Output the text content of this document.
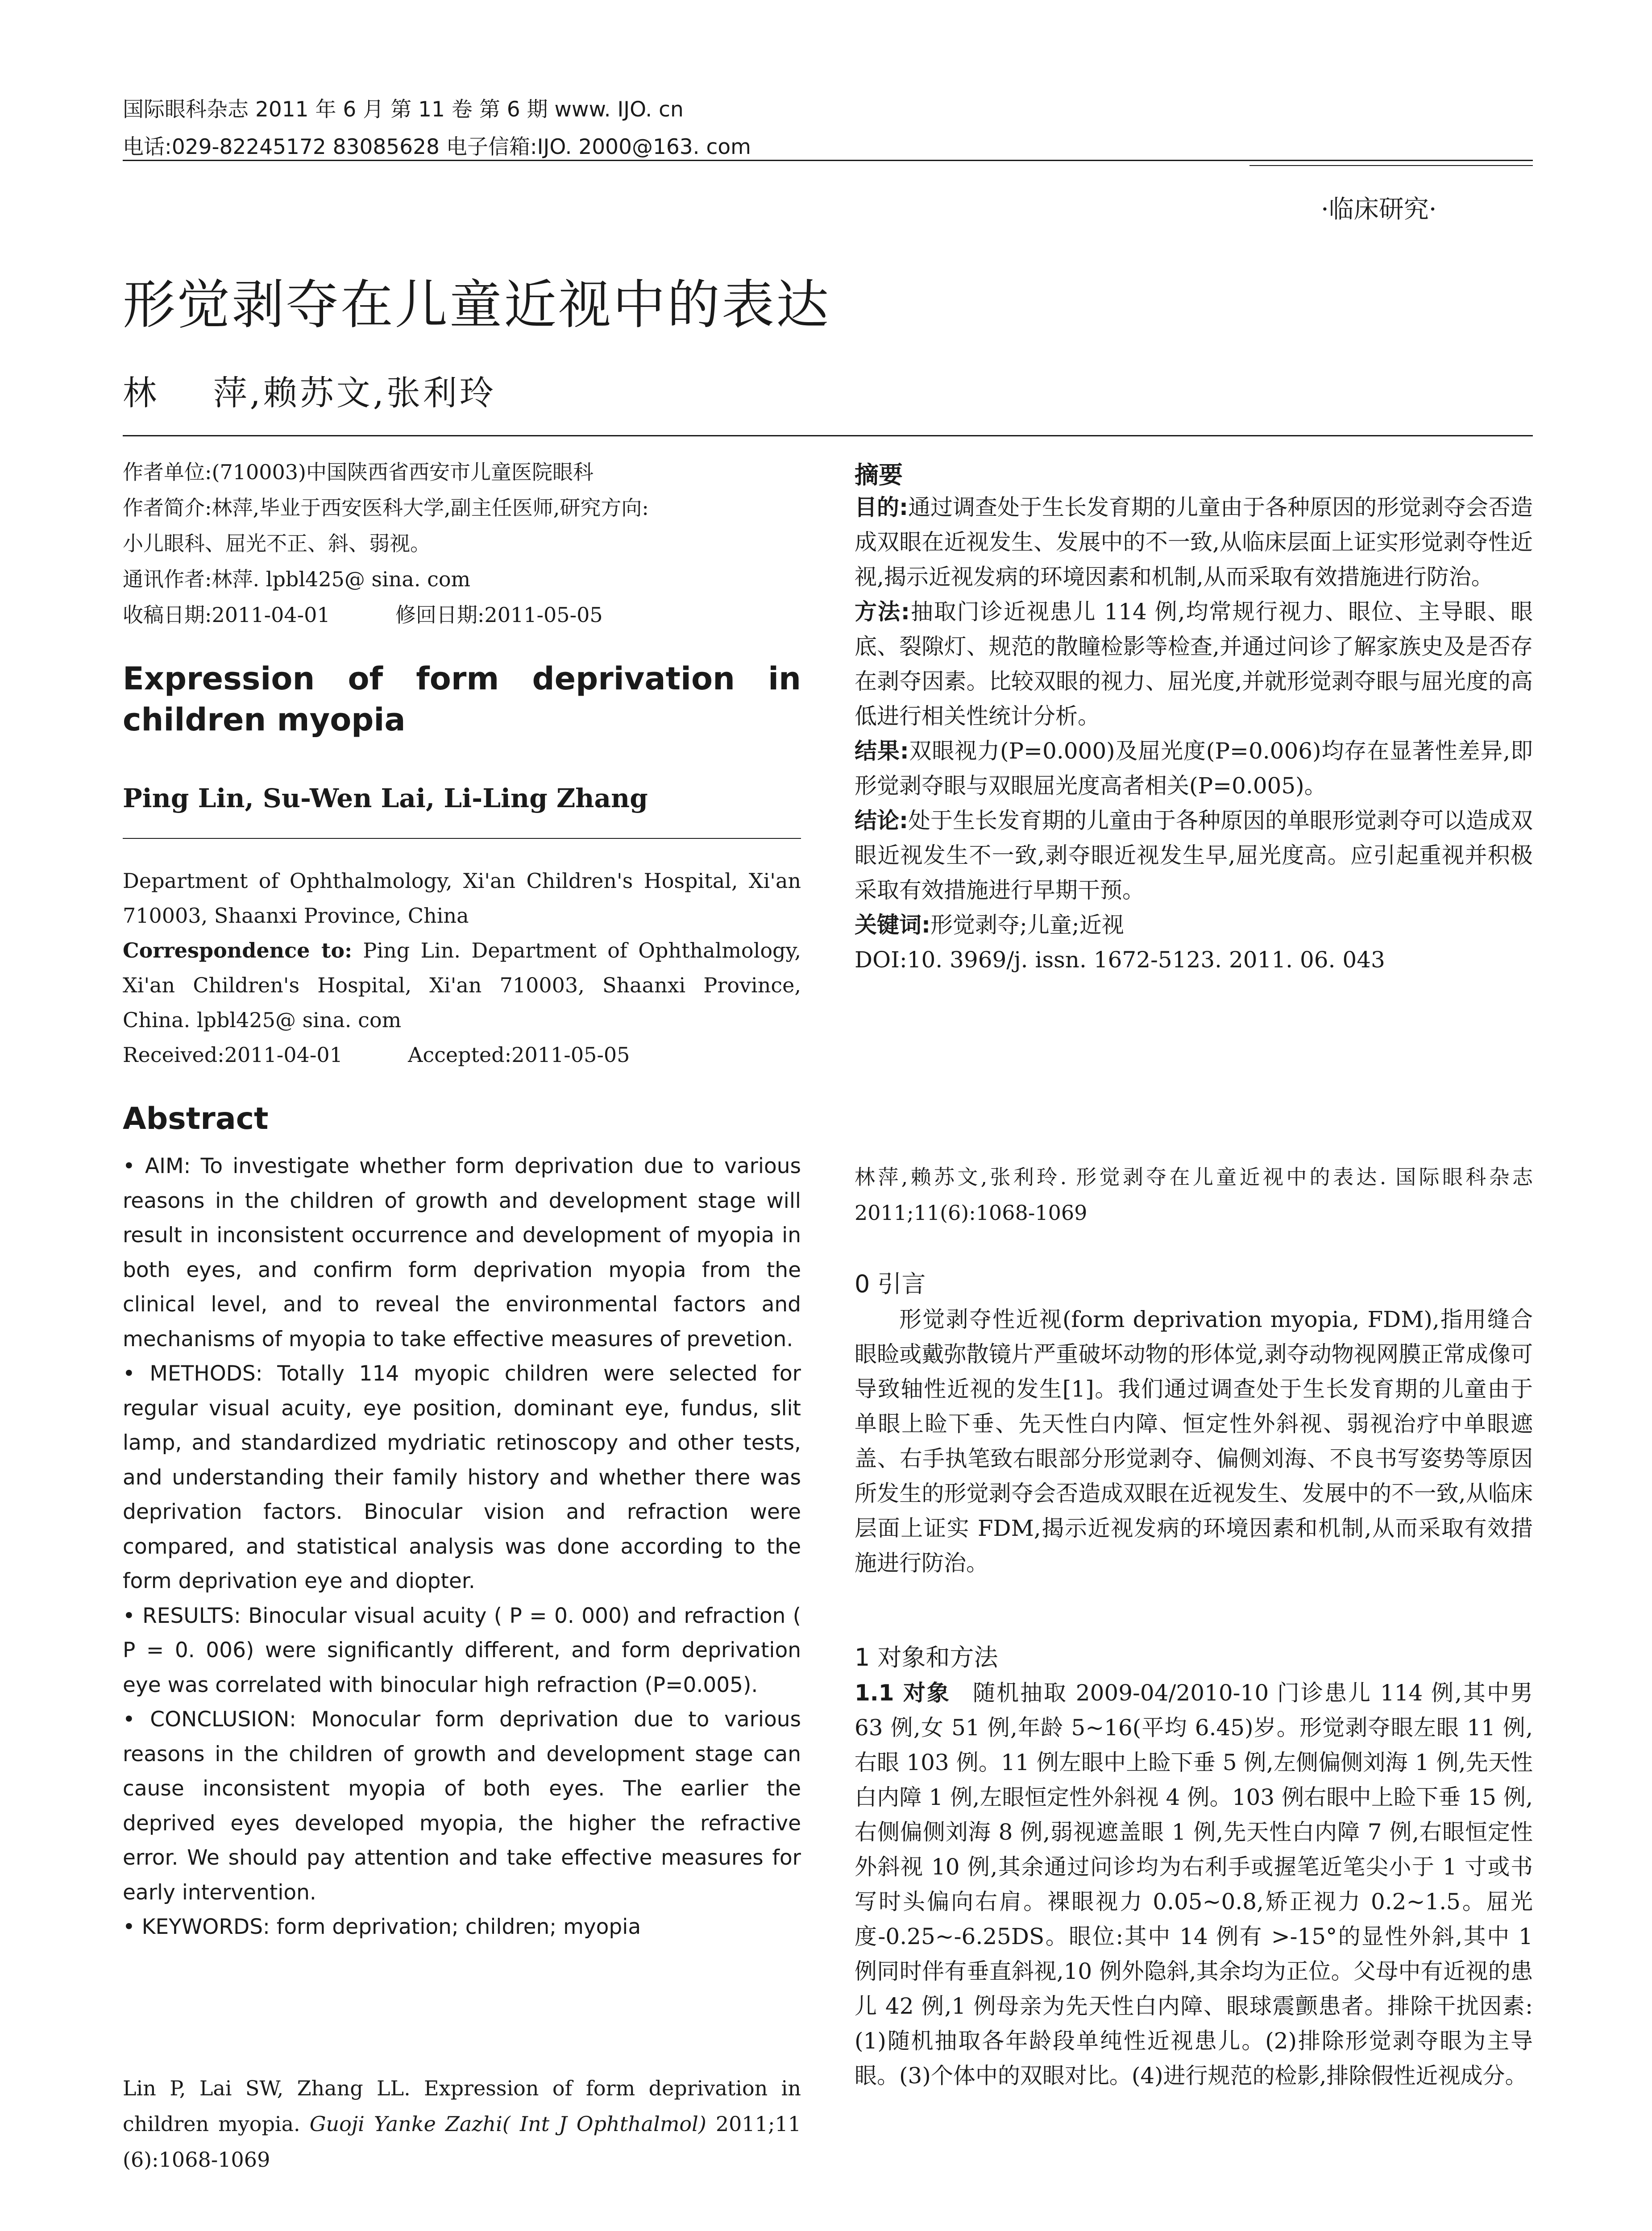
国际眼科杂志 2011 年 6 月 第 11 卷 第 6 期 www. IJO. cn
电话:029-82245172 83085628 电子信箱:IJO. 2000@163. com
·临床研究·
形觉剥夺在儿童近视中的表达
林    萍,赖苏文,张利玲

作者单位:(710003)中国陕西省西安市儿童医院眼科

作者简介:林萍,毕业于西安医科大学,副主任医师,研究方向:

小儿眼科、屈光不正、斜、弱视。

通讯作者:林萍. lpbl425@ sina. com

收稿日期:2011-04-01          修回日期:2011-05-05

Expression of form deprivation in children myopia
Ping Lin, Su-Wen Lai, Li-Ling Zhang

Department of Ophthalmology, Xi'an Children's Hospital, Xi'an

710003, Shaanxi Province, China

Correspondence to: Ping Lin. Department of Ophthalmology, Xi'an Children's Hospital, Xi'an 710003, Shaanxi Province, China. lpbl425@ sina. com

Received:2011-04-01          Accepted:2011-05-05

Abstract

• AIM: To investigate whether form deprivation due to various reasons in the children of growth and development stage will result in inconsistent occurrence and development of myopia in both eyes, and confirm form deprivation myopia from the clinical level, and to reveal the environmental factors and mechanisms of myopia to take effective measures of prevetion.

• METHODS: Totally 114 myopic children were selected for regular visual acuity, eye position, dominant eye, fundus, slit lamp, and standardized mydriatic retinoscopy and other tests, and understanding their family history and whether there was deprivation factors. Binocular vision and refraction were compared, and statistical analysis was done according to the form deprivation eye and diopter.

• RESULTS: Binocular visual acuity ( P = 0. 000) and refraction ( P = 0. 006) were significantly different, and form deprivation eye was correlated with binocular high refraction (P=0.005).

• CONCLUSION: Monocular form deprivation due to various reasons in the children of growth and development stage can cause inconsistent myopia of both eyes. The earlier the deprived eyes developed myopia, the higher the refractive error. We should pay attention and take effective measures for early intervention.

• KEYWORDS: form deprivation; children; myopia

Lin P, Lai SW, Zhang LL. Expression of form deprivation in children myopia. Guoji Yanke Zazhi( Int J Ophthalmol) 2011;11 (6):1068-1069

摘要

目的:通过调查处于生长发育期的儿童由于各种原因的形觉剥夺会否造成双眼在近视发生、发展中的不一致,从临床层面上证实形觉剥夺性近视,揭示近视发病的环境因素和机制,从而采取有效措施进行防治。

方法:抽取门诊近视患儿 114 例,均常规行视力、眼位、主导眼、眼底、裂隙灯、规范的散瞳检影等检查,并通过问诊了解家族史及是否存在剥夺因素。比较双眼的视力、屈光度,并就形觉剥夺眼与屈光度的高低进行相关性统计分析。

结果:双眼视力(P=0.000)及屈光度(P=0.006)均存在显著性差异,即形觉剥夺眼与双眼屈光度高者相关(P=0.005)。

结论:处于生长发育期的儿童由于各种原因的单眼形觉剥夺可以造成双眼近视发生不一致,剥夺眼近视发生早,屈光度高。应引起重视并积极采取有效措施进行早期干预。

关键词:形觉剥夺;儿童;近视

DOI:10. 3969/j. issn. 1672-5123. 2011. 06. 043

林萍,赖苏文,张利玲. 形觉剥夺在儿童近视中的表达. 国际眼科杂志 2011;11(6):1068-1069

0 引言

形觉剥夺性近视(form deprivation myopia, FDM),指用缝合眼睑或戴弥散镜片严重破坏动物的形体觉,剥夺动物视网膜正常成像可导致轴性近视的发生[1]。我们通过调查处于生长发育期的儿童由于单眼上睑下垂、先天性白内障、恒定性外斜视、弱视治疗中单眼遮盖、右手执笔致右眼部分形觉剥夺、偏侧刘海、不良书写姿势等原因所发生的形觉剥夺会否造成双眼在近视发生、发展中的不一致,从临床层面上证实 FDM,揭示近视发病的环境因素和机制,从而采取有效措施进行防治。

1 对象和方法

1.1 对象 随机抽取 2009-04/2010-10 门诊患儿 114 例,其中男 63 例,女 51 例,年龄 5~16(平均 6.45)岁。形觉剥夺眼左眼 11 例,右眼 103 例。11 例左眼中上睑下垂 5 例,左侧偏侧刘海 1 例,先天性白内障 1 例,左眼恒定性外斜视 4 例。103 例右眼中上睑下垂 15 例,右侧偏侧刘海 8 例,弱视遮盖眼 1 例,先天性白内障 7 例,右眼恒定性外斜视 10 例,其余通过问诊均为右利手或握笔近笔尖小于 1 寸或书写时头偏向右肩。裸眼视力 0.05~0.8,矫正视力 0.2~1.5。屈光度-0.25~-6.25DS。眼位:其中 14 例有 >-15°的显性外斜,其中 1 例同时伴有垂直斜视,10 例外隐斜,其余均为正位。父母中有近视的患儿 42 例,1 例母亲为先天性白内障、眼球震颤患者。排除干扰因素:(1)随机抽取各年龄段单纯性近视患儿。(2)排除形觉剥夺眼为主导眼。(3)个体中的双眼对比。(4)进行规范的检影,排除假性近视成分。
